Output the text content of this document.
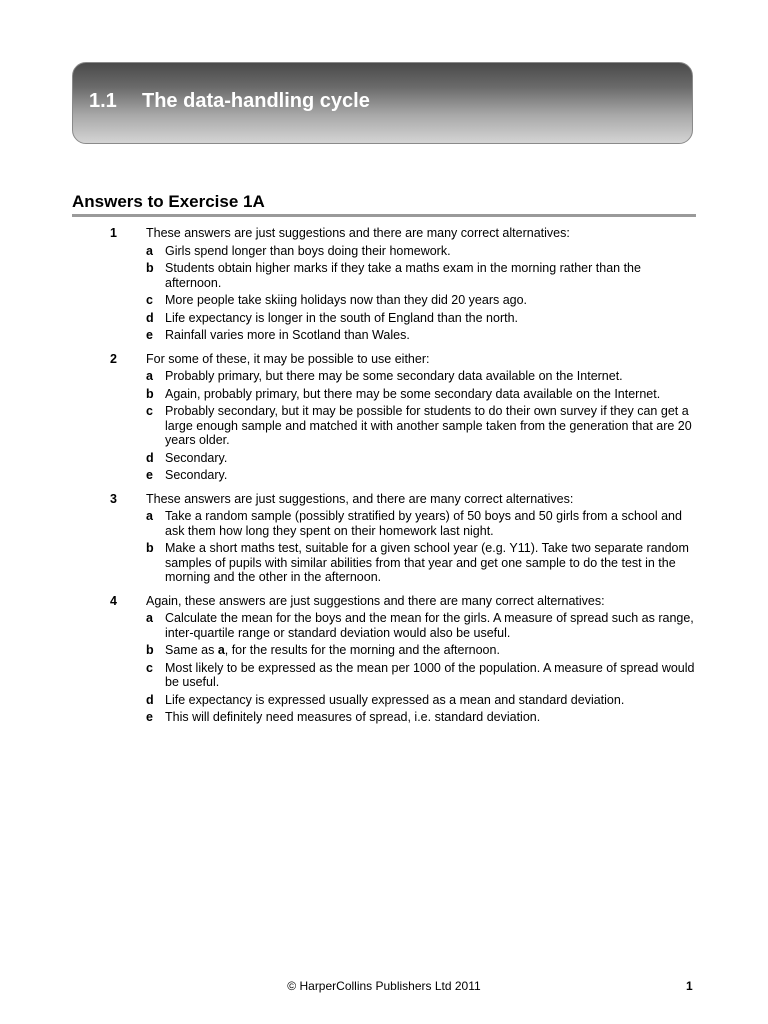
1.1 The data-handling cycle
Answers to Exercise 1A
1 These answers are just suggestions and there are many correct alternatives:
a Girls spend longer than boys doing their homework.
b Students obtain higher marks if they take a maths exam in the morning rather than the afternoon.
c More people take skiing holidays now than they did 20 years ago.
d Life expectancy is longer in the south of England than the north.
e Rainfall varies more in Scotland than Wales.
2 For some of these, it may be possible to use either:
a Probably primary, but there may be some secondary data available on the Internet.
b Again, probably primary, but there may be some secondary data available on the Internet.
c Probably secondary, but it may be possible for students to do their own survey if they can get a large enough sample and matched it with another sample taken from the generation that are 20 years older.
d Secondary.
e Secondary.
3 These answers are just suggestions, and there are many correct alternatives:
a Take a random sample (possibly stratified by years) of 50 boys and 50 girls from a school and ask them how long they spent on their homework last night.
b Make a short maths test, suitable for a given school year (e.g. Y11). Take two separate random samples of pupils with similar abilities from that year and get one sample to do the test in the morning and the other in the afternoon.
4 Again, these answers are just suggestions and there are many correct alternatives:
a Calculate the mean for the boys and the mean for the girls. A measure of spread such as range, inter-quartile range or standard deviation would also be useful.
b Same as a, for the results for the morning and the afternoon.
c Most likely to be expressed as the mean per 1000 of the population. A measure of spread would be useful.
d Life expectancy is expressed usually expressed as a mean and standard deviation.
e This will definitely need measures of spread, i.e. standard deviation.
© HarperCollins Publishers Ltd 2011	1
